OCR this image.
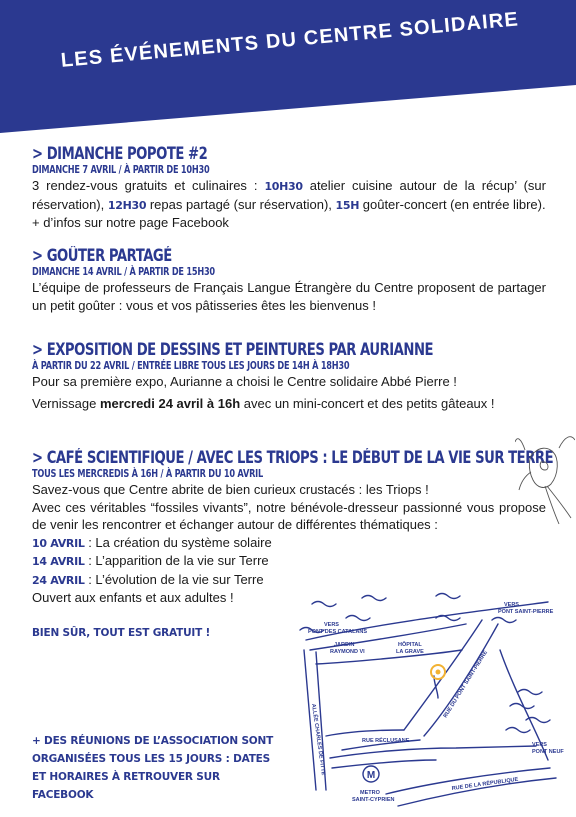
LES ÉVÉNEMENTS DU CENTRE SOLIDAIRE
> DIMANCHE POPOTE #2
DIMANCHE 7 AVRIL / À PARTIR DE 10H30

3 rendez-vous gratuits et culinaires : 10H30 atelier cuisine autour de la récup’ (sur réservation), 12H30 repas partagé (sur réservation), 15H goûter-concert (en entrée libre).

+ d’infos sur notre page Facebook

> GOÛTER PARTAGÉ
DIMANCHE 14 AVRIL / À PARTIR DE 15H30

L’équipe de professeurs de Français Langue Étrangère du Centre proposent de partager un petit goûter : vous et vos pâtisseries êtes les bienvenus !

> EXPOSITION DE DESSINS ET PEINTURES PAR AURIANNE
À PARTIR DU 22 AVRIL / ENTRÉE LIBRE TOUS LES JOURS DE 14H À 18H30

Pour sa première expo, Aurianne a choisi le Centre solidaire Abbé Pierre !

Vernissage mercredi 24 avril à 16h avec un mini-concert et des petits gâteaux !

> CAFÉ SCIENTIFIQUE / AVEC LES TRIOPS : LE DÉBUT DE LA VIE SUR TERRE
TOUS LES MERCREDIS À 16H / À PARTIR DU 10 AVRIL

Savez-vous que Centre abrite de bien curieux crustacés : les Triops !

Avec ces véritables “fossiles vivants”, notre bénévole-dresseur passionné vous propose de venir les rencontrer et échanger autour de différentes thématiques :

10 AVRIL : La création du système solaire
14 AVRIL : L’apparition de la vie sur Terre
24 AVRIL : L’évolution de la vie sur Terre

Ouvert aux enfants et aux adultes !

BIEN SÛR, TOUT EST GRATUIT !
+ DES RÉUNIONS DE L’ASSOCIATION SONT
ORGANISÉES TOUS LES 15 JOURS : DATES
ET HORAIRES À RETROUVER SUR FACEBOOK
M
VERS
PONT SAINT-PIERRE
VERS
PONT DES CATALANS
JARDIN
RAYMOND VI
HÔPITAL
LA GRAVE
RUE RÉCLUSANE
VERS
PONT NEUF
METRO
SAINT-CYPRIEN
RUE DE LA RÉPUBLIQUE
RUE DU PONT SAINT-PIERRE
ALLÉE CHARLES DE FITTE
